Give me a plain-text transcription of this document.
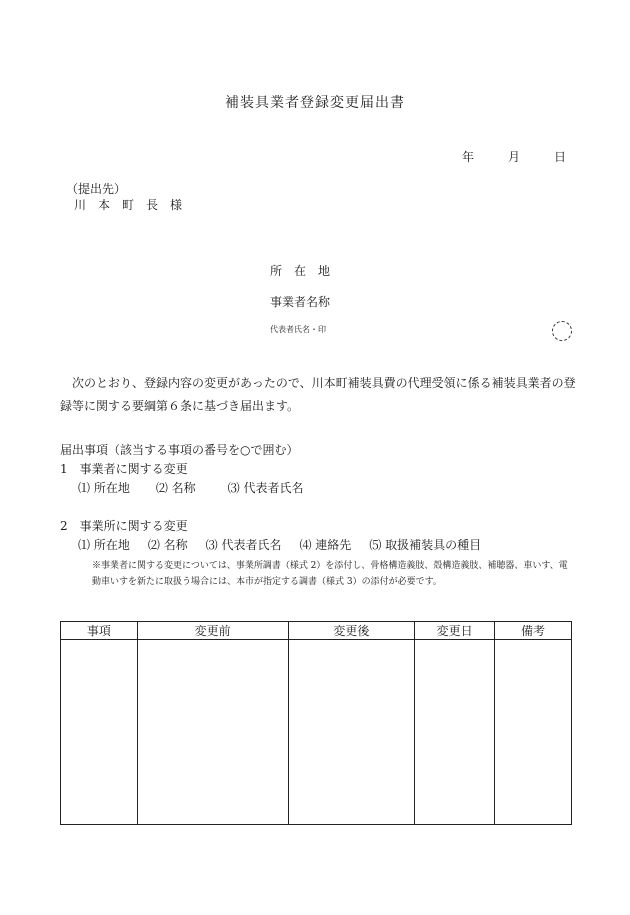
補装具業者登録変更届出書
年	月	日
（提出先）
川　本　町　長　様
所　在　地
事業者名称
代表者氏名・印

次のとおり、登録内容の変更があったので、川本町補装具費の代理受領に係る補装具業者の登録等に関する要綱第６条に基づき届出ます。

届出事項（該当する事項の番号を○で囲む）
1　事業者に関する変更
⑴ 所在地 ⑵ 名称	⑶ 代表者氏名
2　事業所に関する変更
⑴ 所在地 ⑵ 名称 ⑶ 代表者氏名 ⑷ 連絡先 ⑸ 取扱補装具の種目
※事業者に関する変更については、事業所調書（様式 2）を添付し、骨格構造義肢、殻構造義肢、補聴器、車いす、電動車いすを新たに取扱う場合には、本市が指定する調書（様式 3）の添付が必要です。
事項	変更前	変更後	変更日	備考
